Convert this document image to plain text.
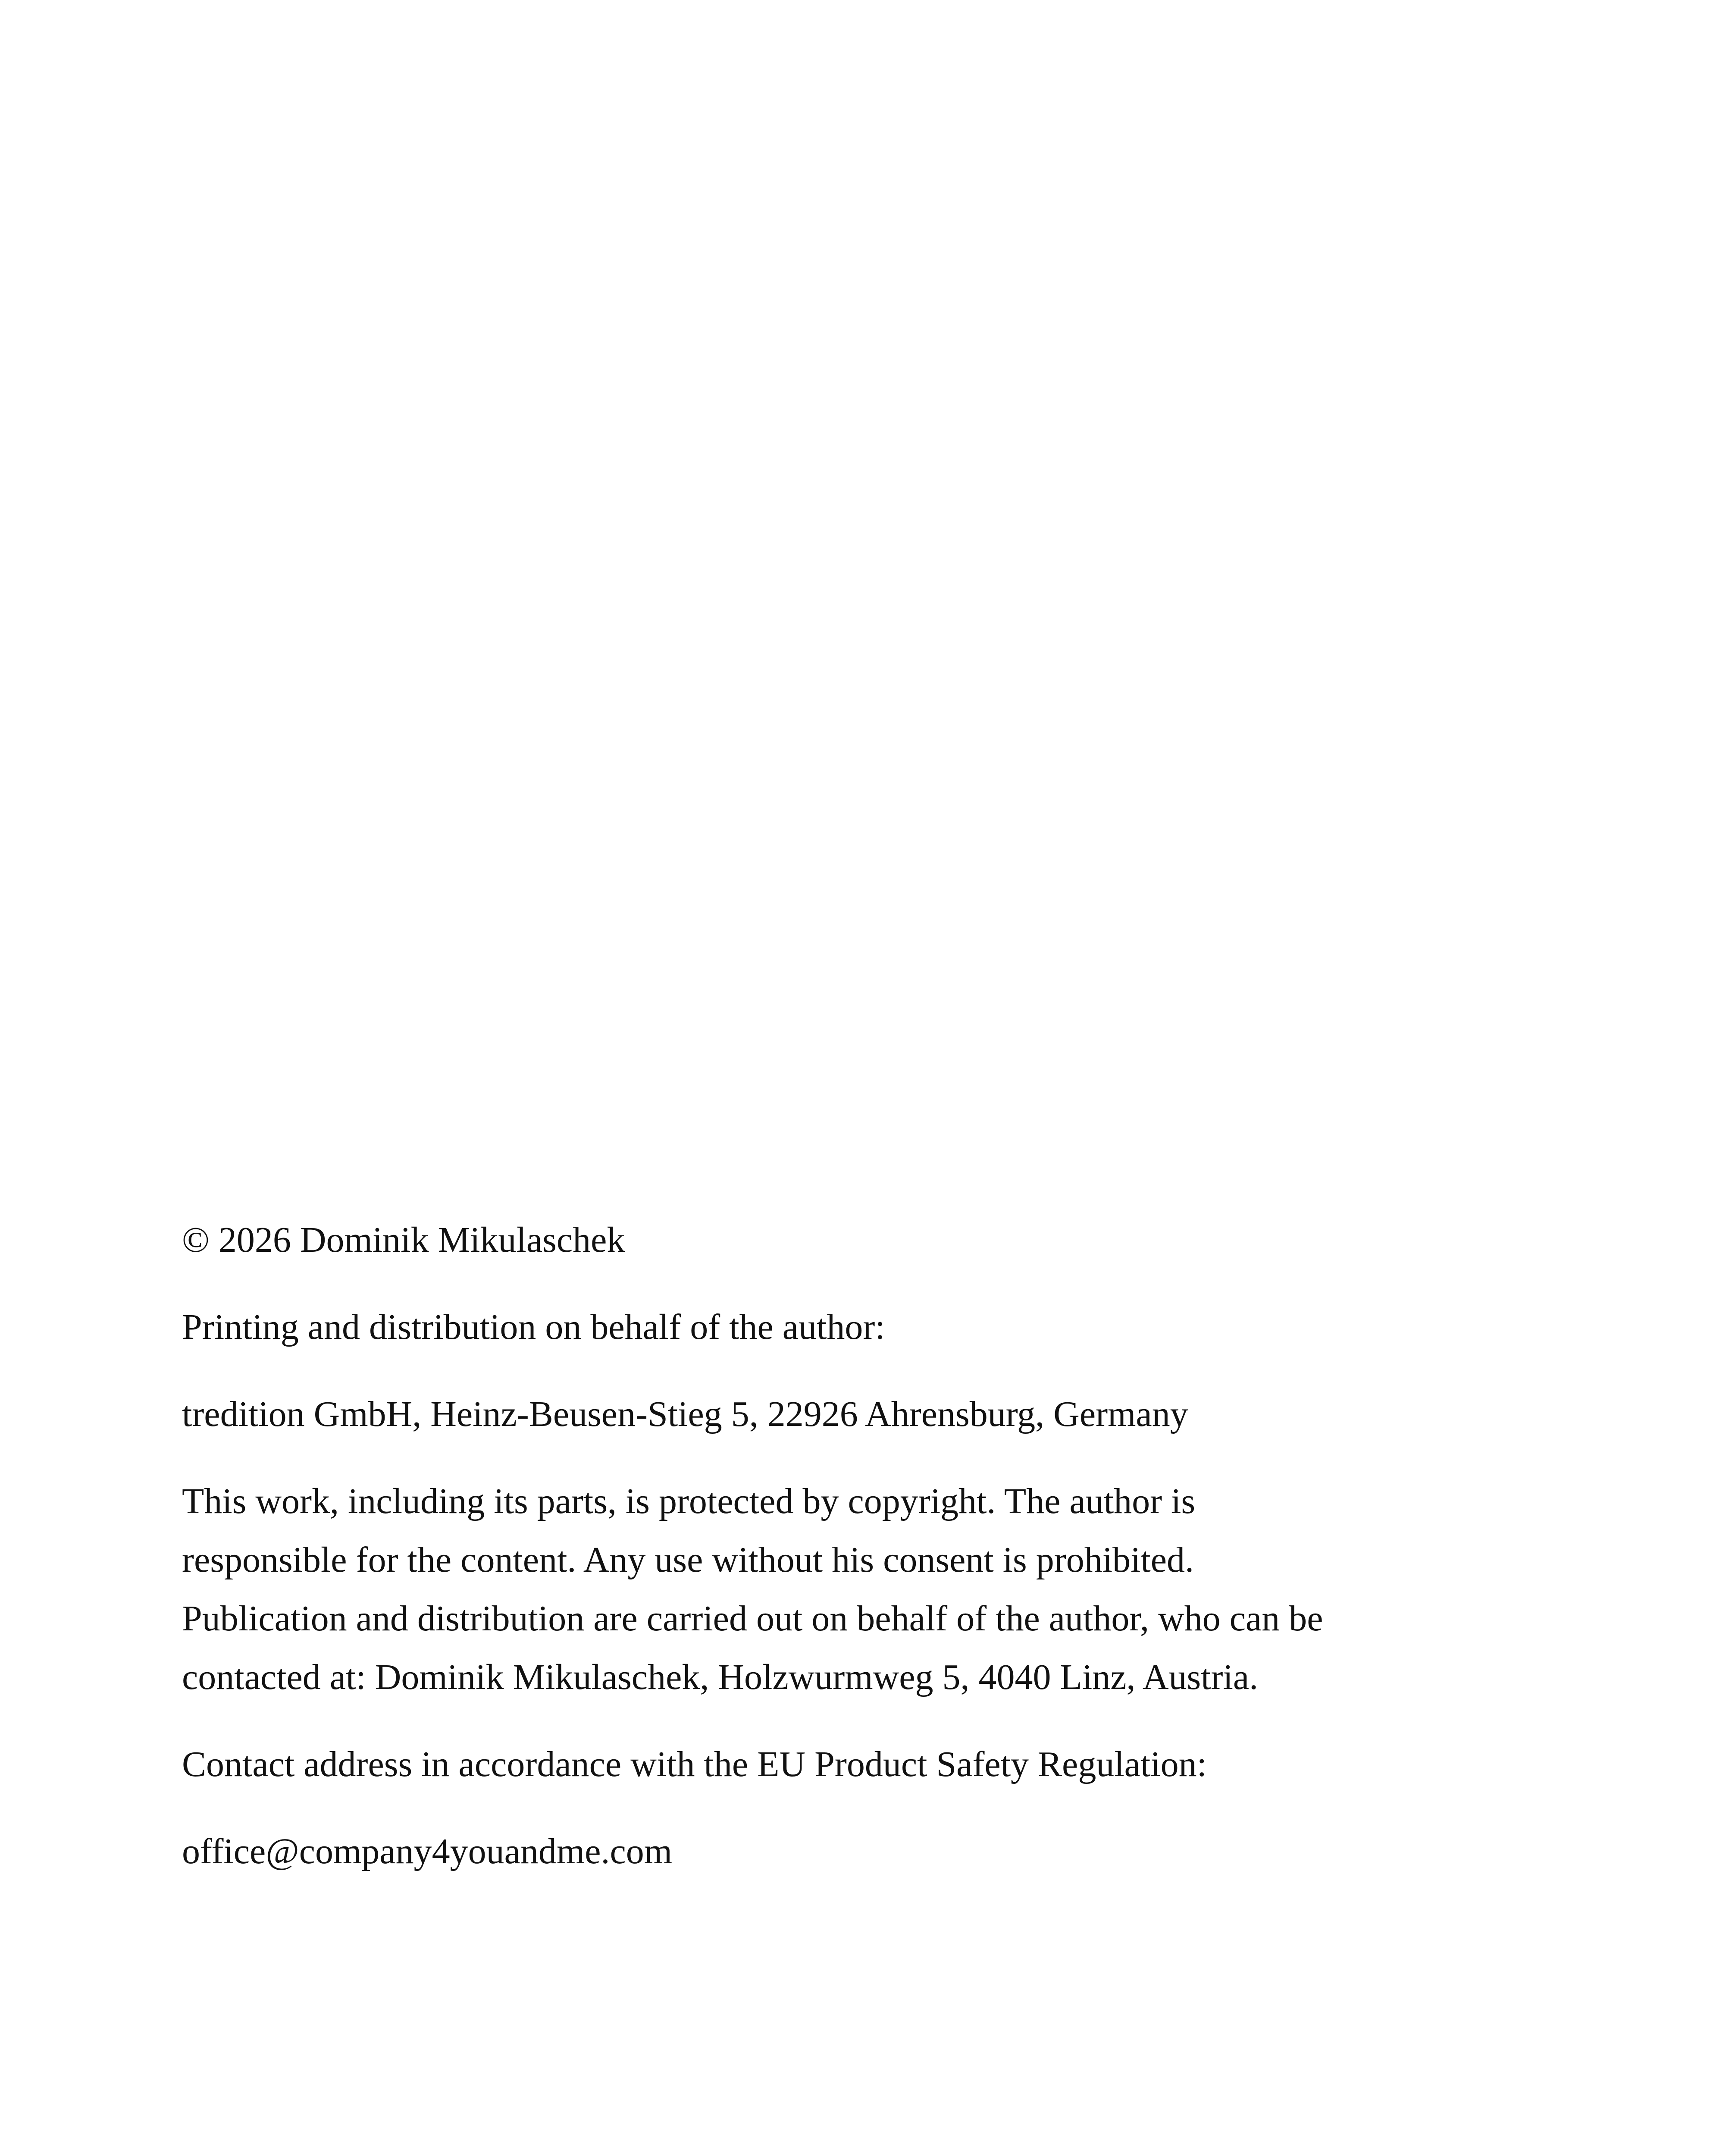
© 2026 Dominik Mikulaschek

Printing and distribution on behalf of the author:

tredition GmbH, Heinz-Beusen-Stieg 5, 22926 Ahrensburg, Germany

This work, including its parts, is protected by copyright. The author is
responsible for the content. Any use without his consent is prohibited.
Publication and distribution are carried out on behalf of the author, who can be
contacted at: Dominik Mikulaschek, Holzwurmweg 5, 4040 Linz, Austria.

Contact address in accordance with the EU Product Safety Regulation:

office@company4youandme.com
